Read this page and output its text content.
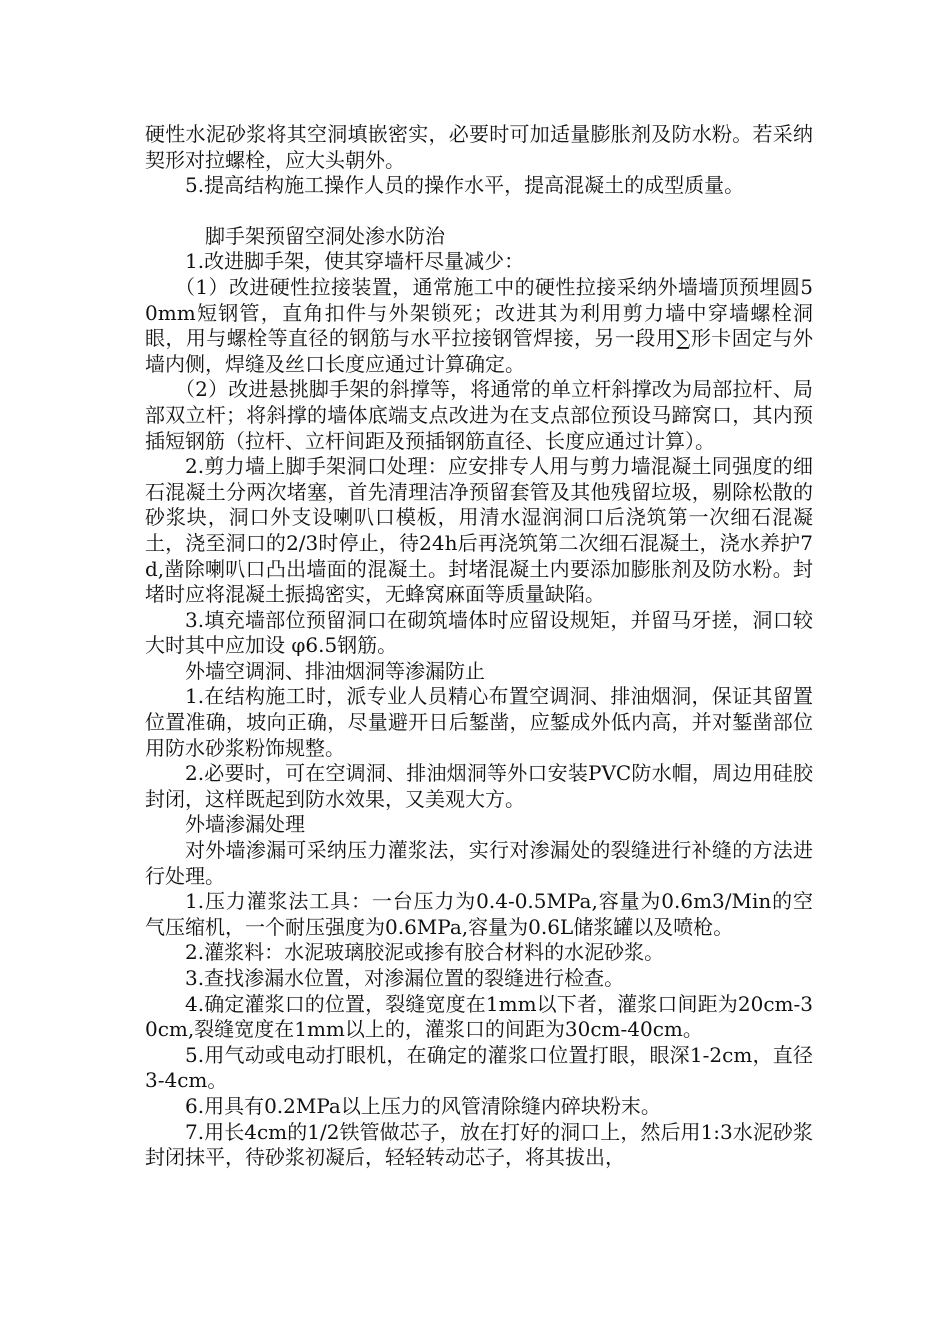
硬性水泥砂浆将其空洞填嵌密实，必要时可加适量膨胀剂及防水粉。若采纳契形对拉螺栓，应大头朝外。

5.提高结构施工操作人员的操作水平，提高混凝土的成型质量。

脚手架预留空洞处渗水防治

1.改进脚手架，使其穿墙杆尽量减少：

（1）改进硬性拉接装置，通常施工中的硬性拉接采纳外墙墙顶预埋圆50mm短钢管，直角扣件与外架锁死；改进其为利用剪力墙中穿墙螺栓洞眼，用与螺栓等直径的钢筋与水平拉接钢管焊接，另一段用∑形卡固定与外墙内侧，焊缝及丝口长度应通过计算确定。

（2）改进悬挑脚手架的斜撑等，将通常的单立杆斜撑改为局部拉杆、局部双立杆；将斜撑的墙体底端支点改进为在支点部位预设马蹄窝口，其内预插短钢筋（拉杆、立杆间距及预插钢筋直径、长度应通过计算）。

2.剪力墙上脚手架洞口处理：应安排专人用与剪力墙混凝土同强度的细石混凝土分两次堵塞，首先清理洁净预留套管及其他残留垃圾，剔除松散的砂浆块，洞口外支设喇叭口模板，用清水湿润洞口后浇筑第一次细石混凝土，浇至洞口的2/3时停止，待24h后再浇筑第二次细石混凝土，浇水养护7d,凿除喇叭口凸出墙面的混凝土。封堵混凝土内要添加膨胀剂及防水粉。封堵时应将混凝土振捣密实，无蜂窝麻面等质量缺陷。

3.填充墙部位预留洞口在砌筑墙体时应留设规矩，并留马牙搓，洞口较大时其中应加设 φ6.5钢筋。

外墙空调洞、排油烟洞等渗漏防止

1.在结构施工时，派专业人员精心布置空调洞、排油烟洞，保证其留置位置准确，坡向正确，尽量避开日后錾凿，应錾成外低内高，并对錾凿部位用防水砂浆粉饰规整。

2.必要时，可在空调洞、排油烟洞等外口安装PVC防水帽，周边用硅胶封闭，这样既起到防水效果，又美观大方。

外墙渗漏处理

对外墙渗漏可采纳压力灌浆法，实行对渗漏处的裂缝进行补缝的方法进行处理。

1.压力灌浆法工具：一台压力为0.4-0.5MPa,容量为0.6m3/Min的空气压缩机，一个耐压强度为0.6MPa,容量为0.6L储浆罐以及喷枪。

2.灌浆料：水泥玻璃胶泥或掺有胶合材料的水泥砂浆。

3.查找渗漏水位置，对渗漏位置的裂缝进行检查。

4.确定灌浆口的位置，裂缝宽度在1mm以下者，灌浆口间距为20cm-30cm,裂缝宽度在1mm以上的，灌浆口的间距为30cm-40cm。

5.用气动或电动打眼机，在确定的灌浆口位置打眼，眼深1-2cm，直径3-4cm。

6.用具有0.2MPa以上压力的风管清除缝内碎块粉末。

7.用长4cm的1/2铁管做芯子，放在打好的洞口上，然后用1:3水泥砂浆封闭抹平，待砂浆初凝后，轻轻转动芯子，将其拔出，
